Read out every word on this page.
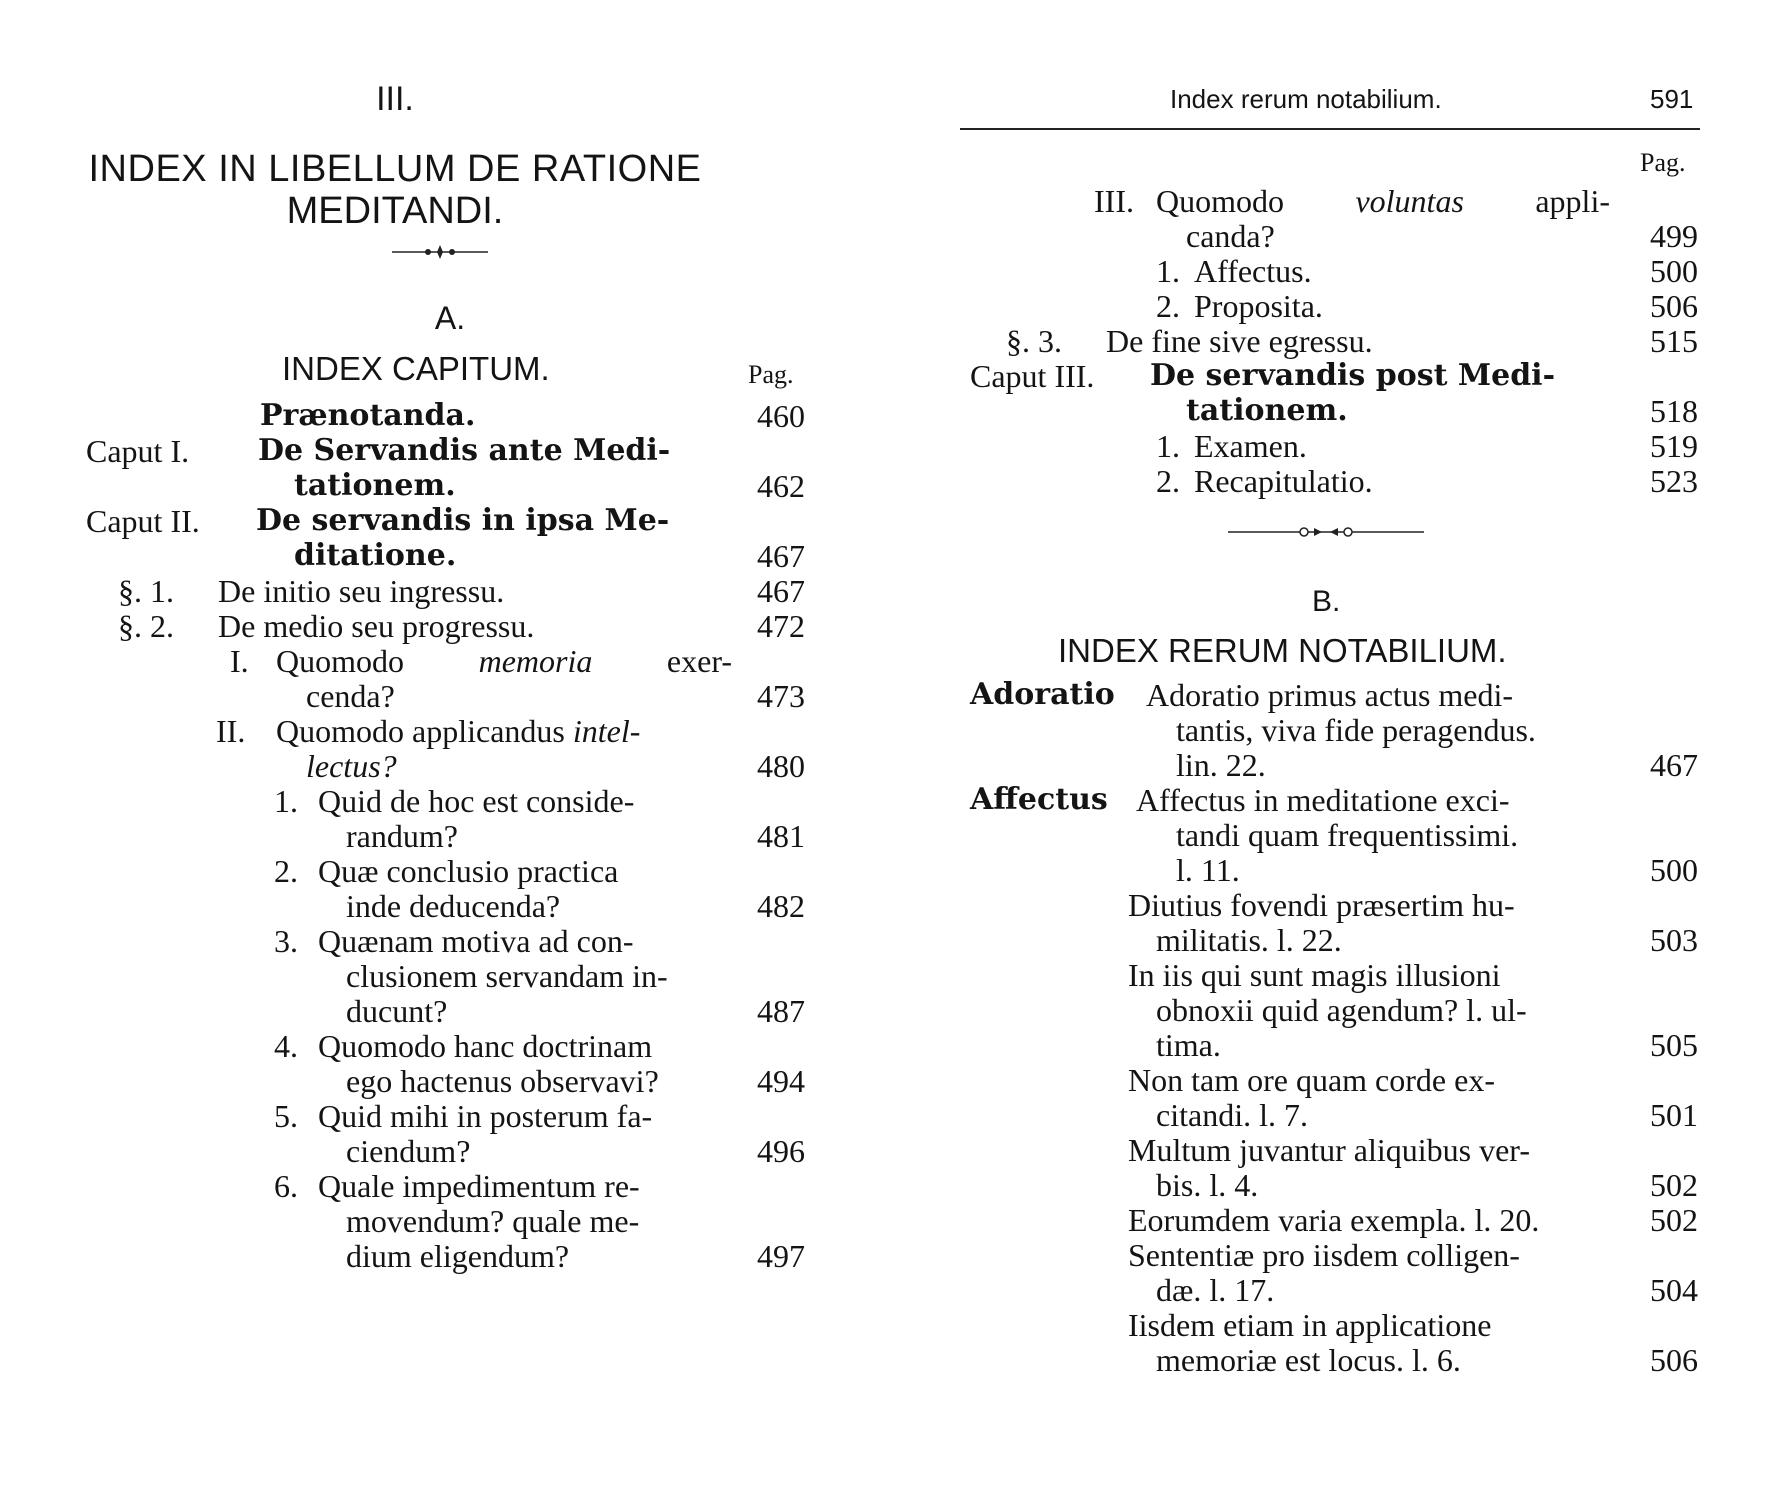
III.
INDEX IN LIBELLUM DE RATIONE
MEDITANDI.
A.
INDEX CAPITUM.	Pag.
Prænotanda.	460
Caput I. De Servandis ante Medi-
tationem.	462
Caput II. De servandis in ipsa Me-
ditatione.	467
§. 1. De initio seu ingressu.	467
§. 2. De medio seu progressu.	472
I. Quomodo memoria exer-
cenda?	473
II. Quomodo applicandus intel-
lectus?	480
1. Quid de hoc est conside-
randum?	481
2. Quæ conclusio practica
inde deducenda?	482
3. Quænam motiva ad con-
clusionem servandam in-
ducunt?	487
4. Quomodo hanc doctrinam
ego hactenus observavi?	494
5. Quid mihi in posterum fa-
ciendum?	496
6. Quale impedimentum re-
movendum? quale me-
dium eligendum?	497
Index rerum notabilium.	591
Pag.
III. Quomodo voluntas appli-
canda?	499
1. Affectus.	500
2. Proposita.	506
§. 3. De fine sive egressu.	515
Caput III. De servandis post Medi-
tationem.	518
1. Examen.	519
2. Recapitulatio.	523
B.
INDEX RERUM NOTABILIUM.
Adoratio Adoratio primus actus medi-
tantis, viva fide peragendus.
lin. 22.	467
Affectus Affectus in meditatione exci-
tandi quam frequentissimi.
l. 11.	500
Diutius fovendi præsertim hu-
militatis. l. 22.	503
In iis qui sunt magis illusioni
obnoxii quid agendum? l. ul-
tima.	505
Non tam ore quam corde ex-
citandi. l. 7.	501
Multum juvantur aliquibus ver-
bis. l. 4.	502
Eorumdem varia exempla. l. 20.	502
Sententiæ pro iisdem colligen-
dæ. l. 17.	504
Iisdem etiam in applicatione
memoriæ est locus. l. 6.	506
